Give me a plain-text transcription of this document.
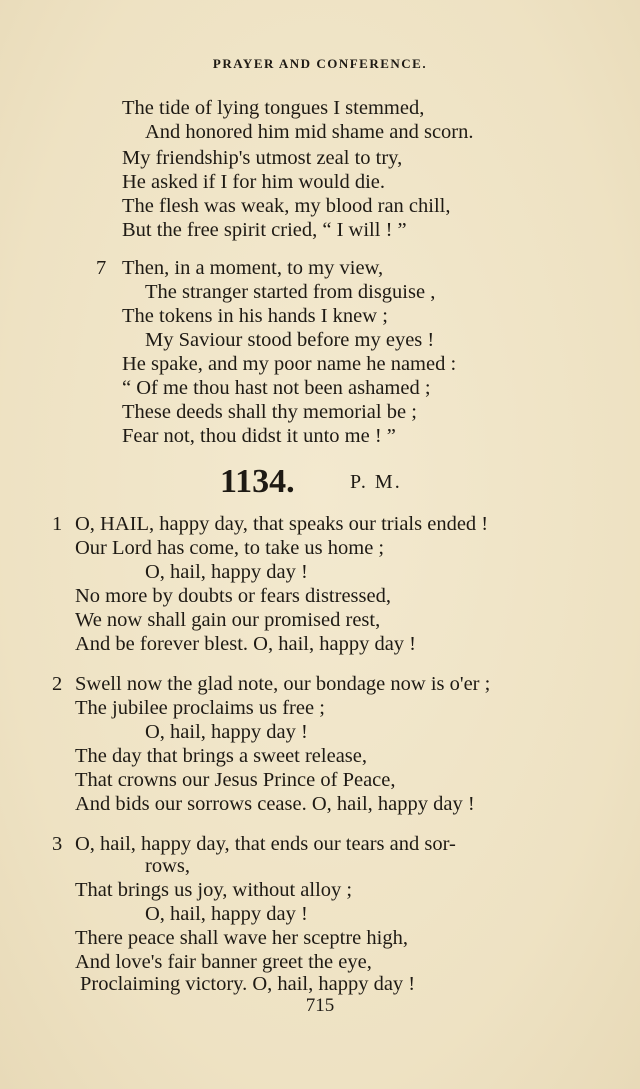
PRAYER AND CONFERENCE.
The tide of lying tongues I stemmed,
And honored him mid shame and scorn.
My friendship's utmost zeal to try,
He asked if I for him would die.
The flesh was weak, my blood ran chill,
But the free spirit cried, “ I will ! ”
7 Then, in a moment, to my view,
The stranger started from disguise ,
The tokens in his hands I knew ;
My Saviour stood before my eyes !
He spake, and my poor name he named :
“ Of me thou hast not been ashamed ;
These deeds shall thy memorial be ;
Fear not, thou didst it unto me ! ”
1134.	P. M.
1 O, HAIL, happy day, that speaks our trials ended !
Our Lord has come, to take us home ;
O, hail, happy day !
No more by doubts or fears distressed,
We now shall gain our promised rest,
And be forever blest. O, hail, happy day !
2 Swell now the glad note, our bondage now is o'er ;
The jubilee proclaims us free ;
O, hail, happy day !
The day that brings a sweet release,
That crowns our Jesus Prince of Peace,
And bids our sorrows cease. O, hail, happy day !
3 O, hail, happy day, that ends our tears and sor-
rows,
That brings us joy, without alloy ;
O, hail, happy day !
There peace shall wave her sceptre high,
And love's fair banner greet the eye,
Proclaiming victory. O, hail, happy day !
715
